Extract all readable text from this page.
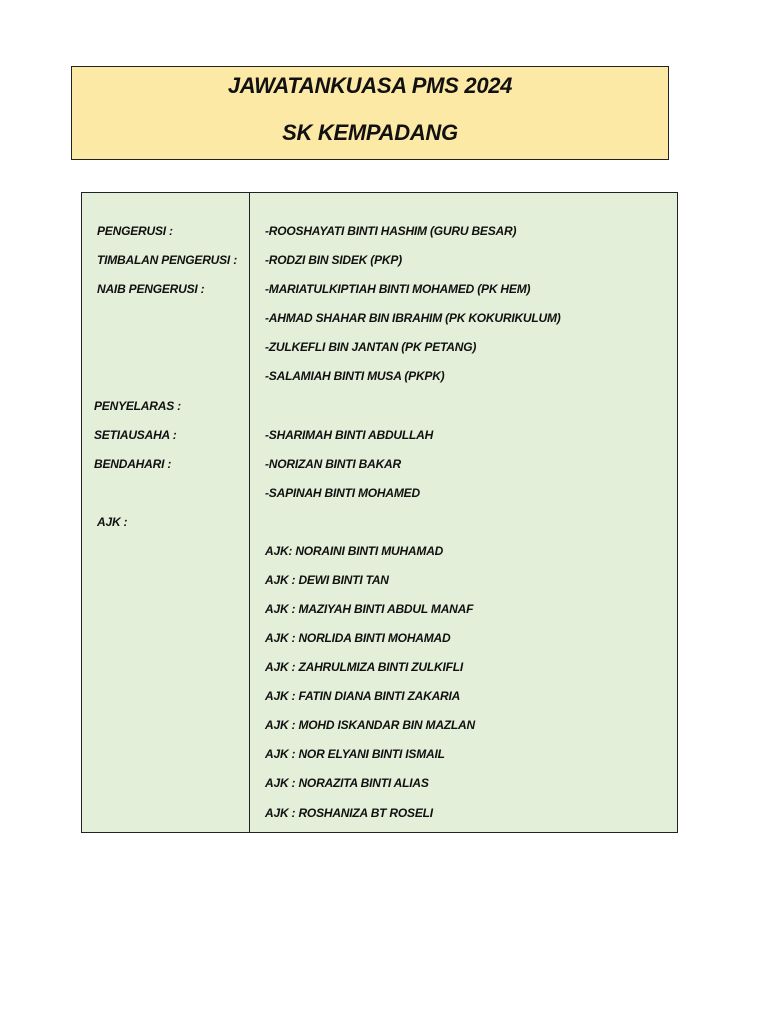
JAWATANKUASA PMS 2024
SK KEMPADANG
PENGERUSI :
TIMBALAN PENGERUSI :
NAIB PENGERUSI :
PENYELARAS :
SETIAUSAHA :
BENDAHARI :
AJK :
-ROOSHAYATI BINTI HASHIM (GURU BESAR)
-RODZI BIN SIDEK (PKP)
-MARIATULKIPTIAH BINTI MOHAMED (PK HEM)
-AHMAD SHAHAR BIN IBRAHIM (PK KOKURIKULUM)
-ZULKEFLI BIN JANTAN (PK PETANG)
-SALAMIAH BINTI MUSA (PKPK)
-SHARIMAH BINTI ABDULLAH
-NORIZAN BINTI BAKAR
-SAPINAH BINTI MOHAMED
AJK: NORAINI BINTI MUHAMAD
AJK : DEWI BINTI TAN
AJK : MAZIYAH BINTI ABDUL MANAF
AJK : NORLIDA BINTI MOHAMAD
AJK : ZAHRULMIZA BINTI ZULKIFLI
AJK : FATIN DIANA BINTI ZAKARIA
AJK : MOHD ISKANDAR BIN MAZLAN
AJK : NOR ELYANI BINTI ISMAIL
AJK : NORAZITA BINTI ALIAS
AJK : ROSHANIZA BT ROSELI
